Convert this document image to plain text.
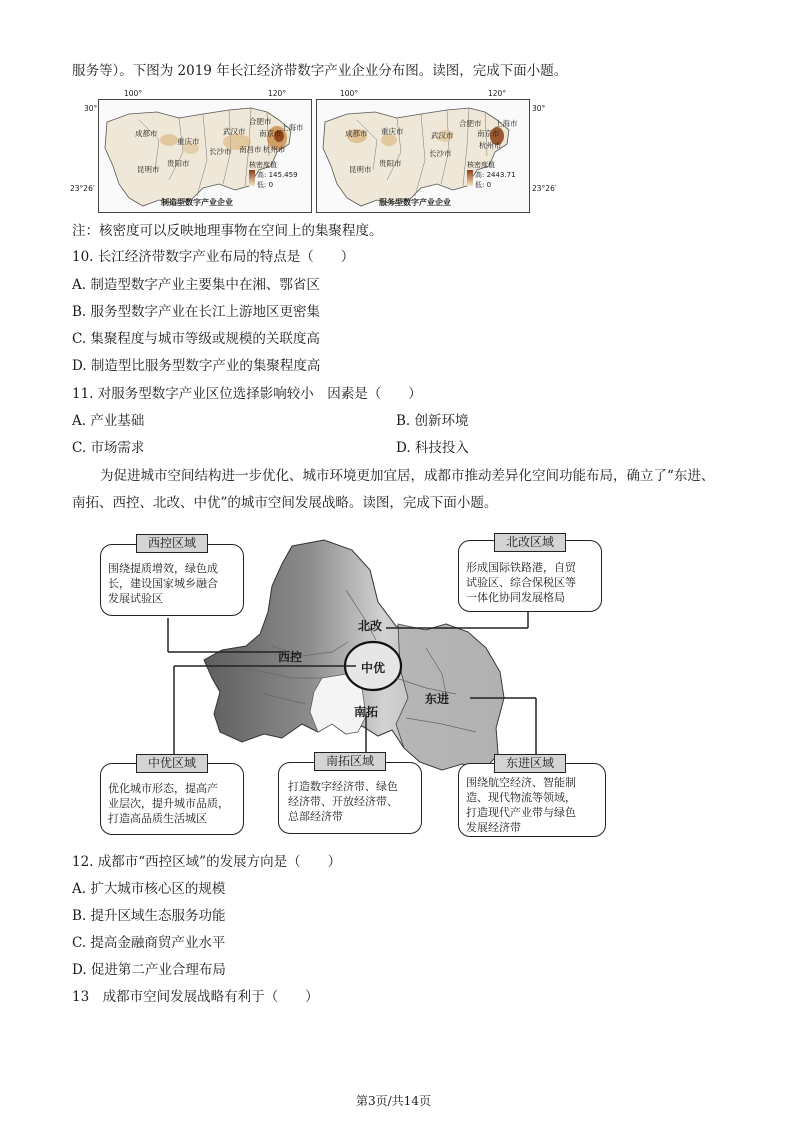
服务等）。下图为 2019 年长江经济带数字产业企业分布图。读图，完成下面小题。
成都市
重庆市
长沙市
武汉市
南昌市
合肥市
上海市
南京市
杭州市
贵阳市
昆明市	核密度值
高: 145.459
低: 0
制造型数字产业企业
成都市 重庆市	武汉市
合肥市 上海市
南京市
杭州市
长沙市
贵阳市
昆明市	核密度值
高: 2443.71
低: 0
服务型数字产业企业
100°	120°	100°	120°
30°	30°
23°26′	23°26′
注：核密度可以反映地理事物在空间上的集聚程度。
10. 长江经济带数字产业布局的特点是（　　）
A. 制造型数字产业主要集中在湘、鄂省区
B. 服务型数字产业在长江上游地区更密集
C. 集聚程度与城市等级或规模的关联度高
D. 制造型比服务型数字产业的集聚程度高
11. 对服务型数字产业区位选择影响较小　因素是（　　）
A. 产业基础	B. 创新环境
C. 市场需求	D. 科技投入
为促进城市空间结构进一步优化、城市环境更加宜居，成都市推动差异化空间功能布局，确立了“东进、
南拓、西控、北改、中优”的城市空间发展战略。读图，完成下面小题。
北改
西控
中优
东进
南拓
西控区域
围绕提质增效，绿色成
长，建设国家城乡融合
发展试验区
北改区域
形成国际铁路港，自贸
试验区、综合保税区等
一体化协同发展格局
中优区域
优化城市形态，提高产
业层次，提升城市品质，
打造高品质生活城区
南拓区域
打造数字经济带、绿色
经济带、开放经济带、
总部经济带
东进区域
围绕航空经济、智能制
造、现代物流等领域，
打造现代产业带与绿色
发展经济带
12. 成都市“西控区域”的发展方向是（　　）
A. 扩大城市核心区的规模
B. 提升区域生态服务功能
C. 提高金融商贸产业水平
D. 促进第二产业合理布局
13　成都市空间发展战略有利于（　　）
第3页/共14页
